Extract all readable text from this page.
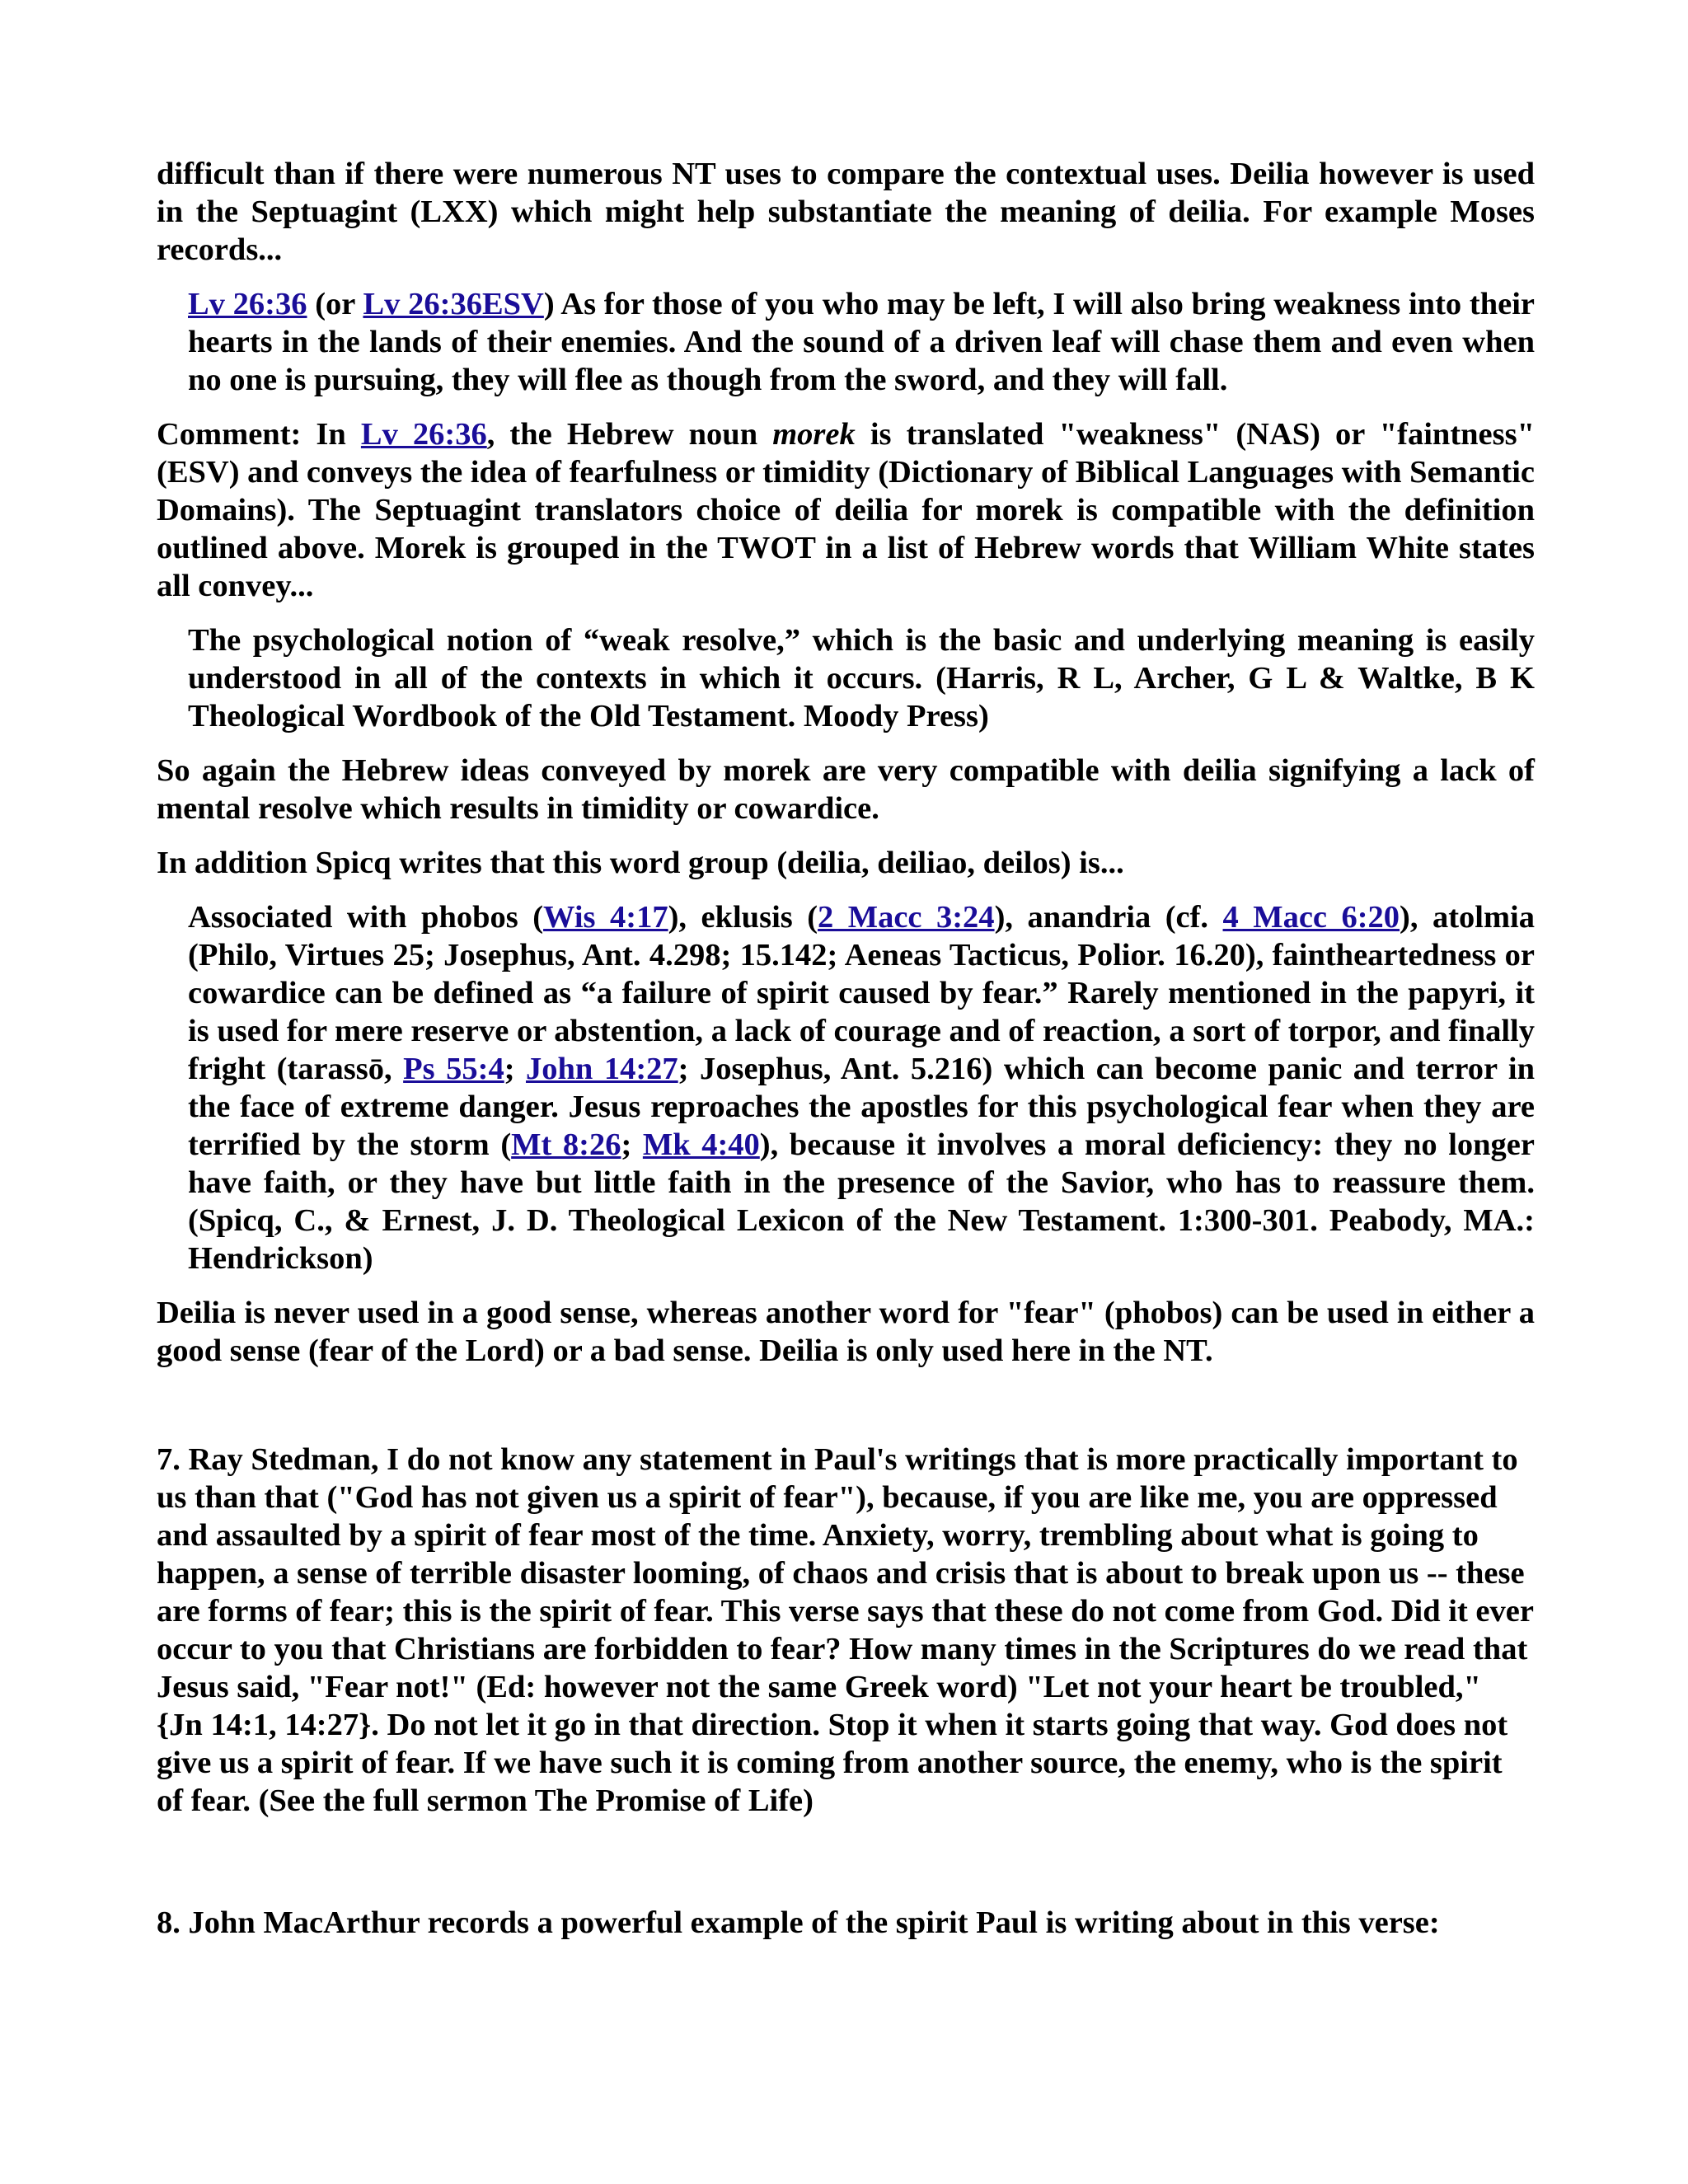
difficult than if there were numerous NT uses to compare the contextual uses. Deilia however is used in the Septuagint (LXX) which might help substantiate the meaning of deilia. For example Moses records...

Lv 26:36 (or Lv 26:36ESV) As for those of you who may be left, I will also bring weakness into their hearts in the lands of their enemies. And the sound of a driven leaf will chase them and even when no one is pursuing, they will flee as though from the sword, and they will fall.

Comment: In Lv 26:36, the Hebrew noun morek is translated "weakness" (NAS) or "faintness" (ESV) and conveys the idea of fearfulness or timidity (Dictionary of Biblical Languages with Semantic Domains). The Septuagint translators choice of deilia for morek is compatible with the definition outlined above. Morek is grouped in the TWOT in a list of Hebrew words that William White states all convey...

The psychological notion of “weak resolve,” which is the basic and underlying meaning is easily understood in all of the contexts in which it occurs. (Harris, R L, Archer, G L & Waltke, B K Theological Wordbook of the Old Testament. Moody Press)

So again the Hebrew ideas conveyed by morek are very compatible with deilia signifying a lack of mental resolve which results in timidity or cowardice.

In addition Spicq writes that this word group (deilia, deiliao, deilos) is...

Associated with phobos (Wis 4:17), eklusis (2 Macc 3:24), anandria (cf. 4 Macc 6:20), atolmia (Philo, Virtues 25; Josephus, Ant. 4.298; 15.142; Aeneas Tacticus, Polior. 16.20), faintheartedness or cowardice can be defined as “a failure of spirit caused by fear.” Rarely mentioned in the papyri, it is used for mere reserve or abstention, a lack of courage and of reaction, a sort of torpor, and finally fright (tarassō, Ps 55:4; John 14:27; Josephus, Ant. 5.216) which can become panic and terror in the face of extreme danger. Jesus reproaches the apostles for this psychological fear when they are terrified by the storm (Mt 8:26; Mk 4:40), because it involves a moral deficiency: they no longer have faith, or they have but little faith in the presence of the Savior, who has to reassure them. (Spicq, C., & Ernest, J. D. Theological Lexicon of the New Testament. 1:300-301. Peabody, MA.: Hendrickson)

Deilia is never used in a good sense, whereas another word for "fear" (phobos) can be used in either a good sense (fear of the Lord) or a bad sense. Deilia is only used here in the NT.

7. Ray Stedman, I do not know any statement in Paul's writings that is more practically important to us than that ("God has not given us a spirit of fear"), because, if you are like me, you are oppressed and assaulted by a spirit of fear most of the time. Anxiety, worry, trembling about what is going to happen, a sense of terrible disaster looming, of chaos and crisis that is about to break upon us -- these are forms of fear; this is the spirit of fear. This verse says that these do not come from God. Did it ever occur to you that Christians are forbidden to fear? How many times in the Scriptures do we read that Jesus said, "Fear not!" (Ed: however not the same Greek word) "Let not your heart be troubled," {Jn 14:1, 14:27}. Do not let it go in that direction. Stop it when it starts going that way. God does not give us a spirit of fear. If we have such it is coming from another source, the enemy, who is the spirit of fear. (See the full sermon The Promise of Life)

8. John MacArthur records a powerful example of the spirit Paul is writing about in this verse:
